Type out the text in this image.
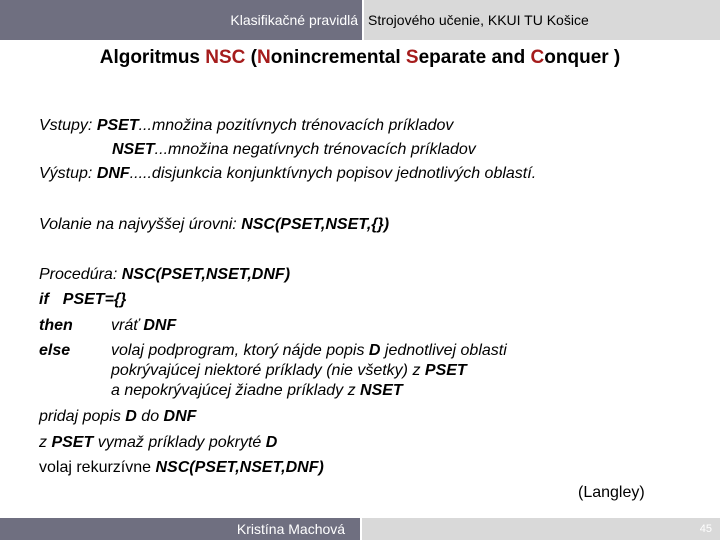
Klasifikačné pravidlá Strojového učenie, KKUI TU Košice
Algoritmus NSC (Nonincremental Separate and Conquer )
Vstupy: PSET...množina pozitívnych trénovacích príkladov
NSET...množina negatívnych trénovacích príkladov
Výstup: DNF.....disjunkcia konjunktívnych popisov jednotlivých oblastí.
Volanie na najvyššej úrovni: NSC(PSET,NSET,{})
Procedúra: NSC(PSET,NSET,DNF)
if PSET={}
then vráť DNF
else	volaj podprogram, ktorý nájde popis D jednotlivej oblasti
pokrývajúcej niektoré príklady (nie všetky) z PSET
a nepokrývajúcej žiadne príklady z NSET
pridaj popis D do DNF
z PSET vymaž príklady pokryté D
volaj rekurzívne NSC(PSET,NSET,DNF)
(Langley)
Kristína Machová	45
